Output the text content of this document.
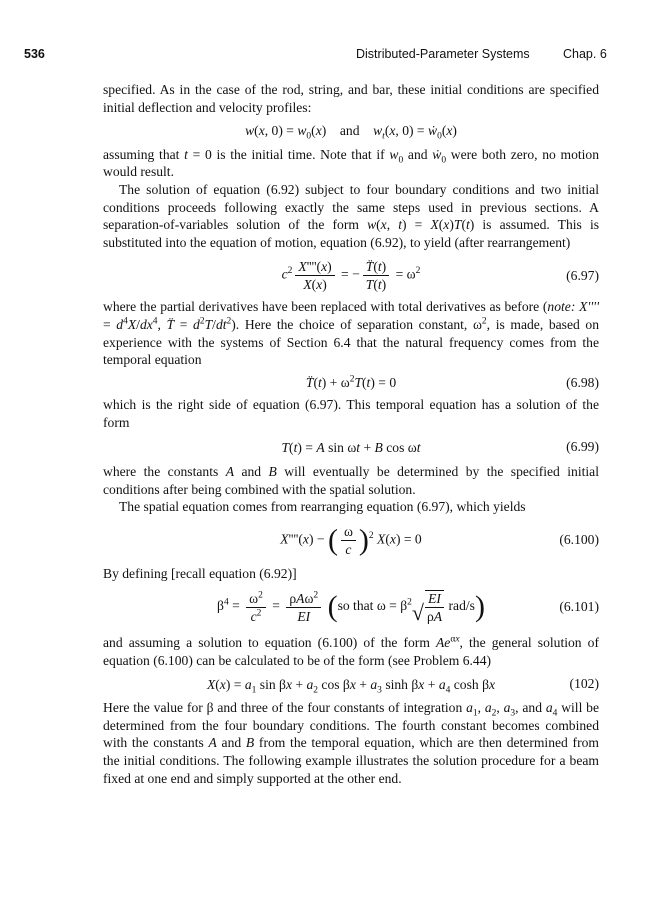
536	Distributed-Parameter Systems	Chap. 6

specified. As in the case of the rod, string, and bar, these initial conditions are specified initial deflection and velocity profiles:

w(x, $0) = w_0(x)$    and $w_t(x$, 0) = ẇ$_0$(x)

assuming that t = 0 is the initial time. Note that if $w_0$ and ẇ$_0$ were both zero, no motion would result.

The solution of equation (6.92) subject to four boundary conditions and two initial conditions proceeds following exactly the same steps used in previous sections. A separation-of-variables solution of the form w(x, t) = X(x)T(t) is assumed. This is substituted into the equation of motion, equation (6.92), to yield (after rearrangement)

$c^2 \frac{X''''(x)}{X(x)}$ = − $\frac{T̈(t)}{T(t)} = \omega^2$	(6.97)

where the partial derivatives have been replaced with total derivatives as before (note: $X'''' = d^4X/dx^4$, T̈ = $d^2T/dt^2$). Here the choice of separation constant, $\omega^2$, is made, based on experience with the systems of Section 6.4 that the natural frequency comes from the temporal equation

T̈(t) + $\omega^2T(t) = 0$	(6.98)

which is the right side of equation (6.97). This temporal equation has a solution of the form

T(t) = A sin ωt + B cos ωt	(6.99)

where the constants A and B will eventually be determined by the specified initial conditions after being combined with the spatial solution.

The spatial equation comes from rearranging equation (6.97), which yields

X''''(x) − ( $\frac{\omega}{c} )^2$ X(x) = 0	(6.100)

By defining [recall equation (6.92)]

$\beta^4 = \frac{\omega^2}{c^2} = \frac{\rho A\omega^2}{EI} (so$ that $\omega = \beta^2$ √ $\frac{EI}{\rho A} rad/s$)	(6.101)

and assuming a solution to equation (6.100) of the form $Ae^{\alpha x}$, the general solution of equation (6.100) can be calculated to be of the form (see Problem 6.44)

$X(x) = a_1$ $\sin \beta x + a_2$ $\cos \beta x + a_3$ $\sinh \beta x + a_4$ cosh βx	(102)

Here the value for β and three of the four constants of integration $a_1$, $a_2$, $a_3$, and $a_4$ will be determined from the four boundary conditions. The fourth constant becomes combined with the constants A and B from the temporal equation, which are then determined from the initial conditions. The following example illustrates the solution procedure for a beam fixed at one end and simply supported at the other end.
